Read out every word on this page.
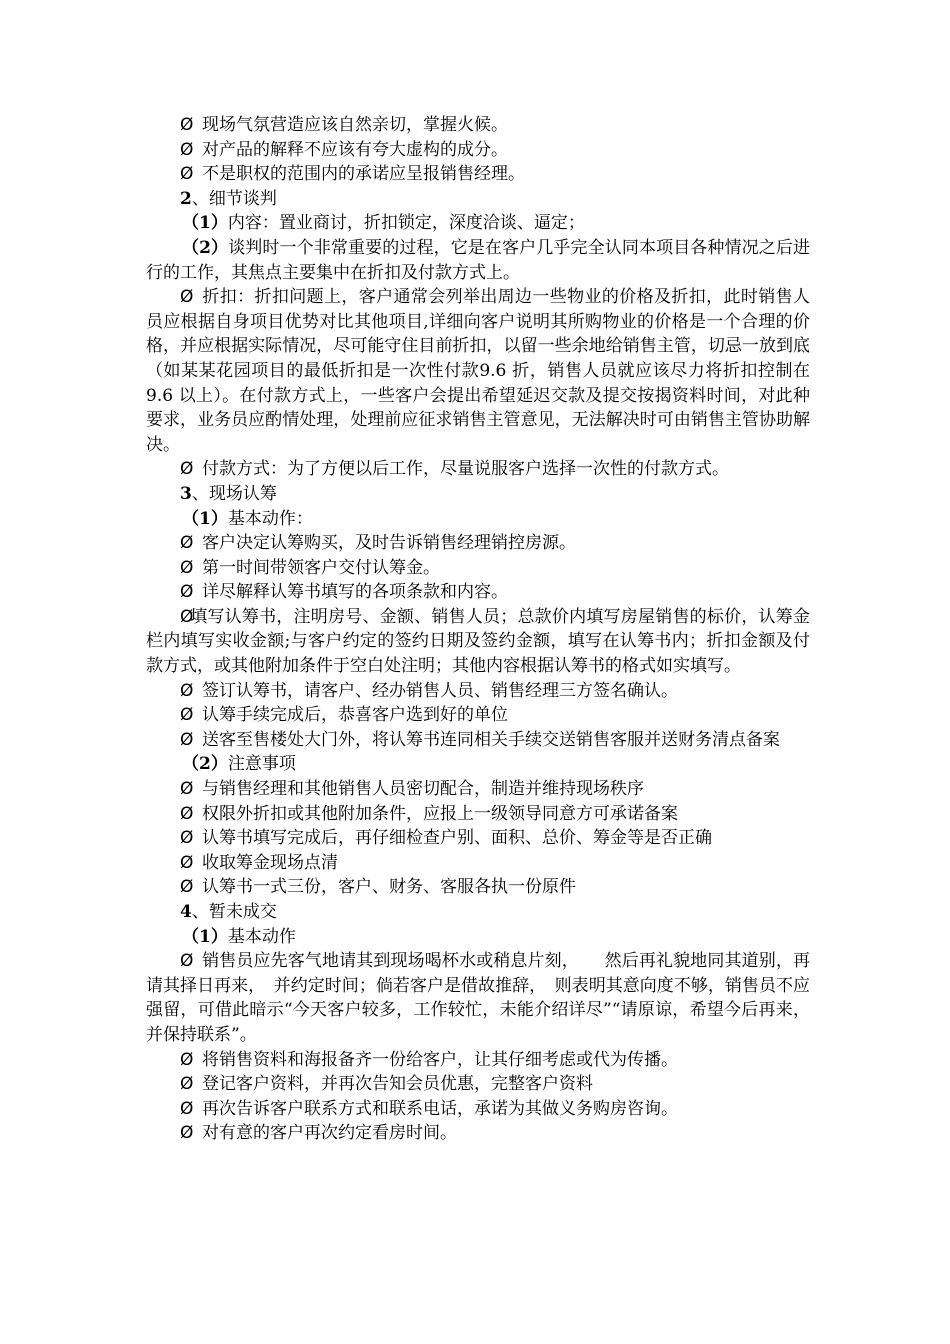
Ø 现场气氛营造应该自然亲切，掌握火候。

Ø 对产品的解释不应该有夸大虚构的成分。

Ø 不是职权的范围内的承诺应呈报销售经理。

2、细节谈判

（1）内容：置业商讨，折扣锁定，深度洽谈、逼定；

（2）谈判时一个非常重要的过程，它是在客户几乎完全认同本项目各种情况之后进行的工作，其焦点主要集中在折扣及付款方式上。

Ø 折扣：折扣问题上，客户通常会列举出周边一些物业的价格及折扣，此时销售人员应根据自身项目优势对比其他项目,详细向客户说明其所购物业的价格是一个合理的价格，并应根据实际情况，尽可能守住目前折扣，以留一些余地给销售主管，切忌一放到底（如某某花园项目的最低折扣是一次性付款9.6 折，销售人员就应该尽力将折扣控制在 9.6 以上）。在付款方式上，一些客户会提出希望延迟交款及提交按揭资料时间，对此种要求，业务员应酌情处理，处理前应征求销售主管意见，无法解决时可由销售主管协助解决。

Ø 付款方式：为了方便以后工作，尽量说服客户选择一次性的付款方式。

3、现场认筹

（1）基本动作：

Ø 客户决定认筹购买，及时告诉销售经理销控房源。

Ø 第一时间带领客户交付认筹金。

Ø 详尽解释认筹书填写的各项条款和内容。

Ø填写认筹书，注明房号、金额、销售人员；总款价内填写房屋销售的标价，认筹金栏内填写实收金额;与客户约定的签约日期及签约金额，填写在认筹书内；折扣金额及付款方式，或其他附加条件于空白处注明；其他内容根据认筹书的格式如实填写。

Ø 签订认筹书，请客户、经办销售人员、销售经理三方签名确认。

Ø 认筹手续完成后，恭喜客户选到好的单位

Ø 送客至售楼处大门外，将认筹书连同相关手续交送销售客服并送财务清点备案

（2）注意事项

Ø 与销售经理和其他销售人员密切配合，制造并维持现场秩序

Ø 权限外折扣或其他附加条件，应报上一级领导同意方可承诺备案

Ø 认筹书填写完成后，再仔细检查户别、面积、总价、筹金等是否正确

Ø 收取筹金现场点清

Ø 认筹书一式三份，客户、财务、客服各执一份原件

4、暂未成交

（1）基本动作

Ø 销售员应先客气地请其到现场喝杯水或稍息片刻，　　然后再礼貌地同其道别，再请其择日再来，　并约定时间；倘若客户是借故推辞，　则表明其意向度不够，销售员不应强留，可借此暗示“今天客户较多，工作较忙，未能介绍详尽”“请原谅，希望今后再来，并保持联系”。

Ø 将销售资料和海报备齐一份给客户，让其仔细考虑或代为传播。

Ø 登记客户资料，并再次告知会员优惠，完整客户资料

Ø 再次告诉客户联系方式和联系电话，承诺为其做义务购房咨询。

Ø 对有意的客户再次约定看房时间。
